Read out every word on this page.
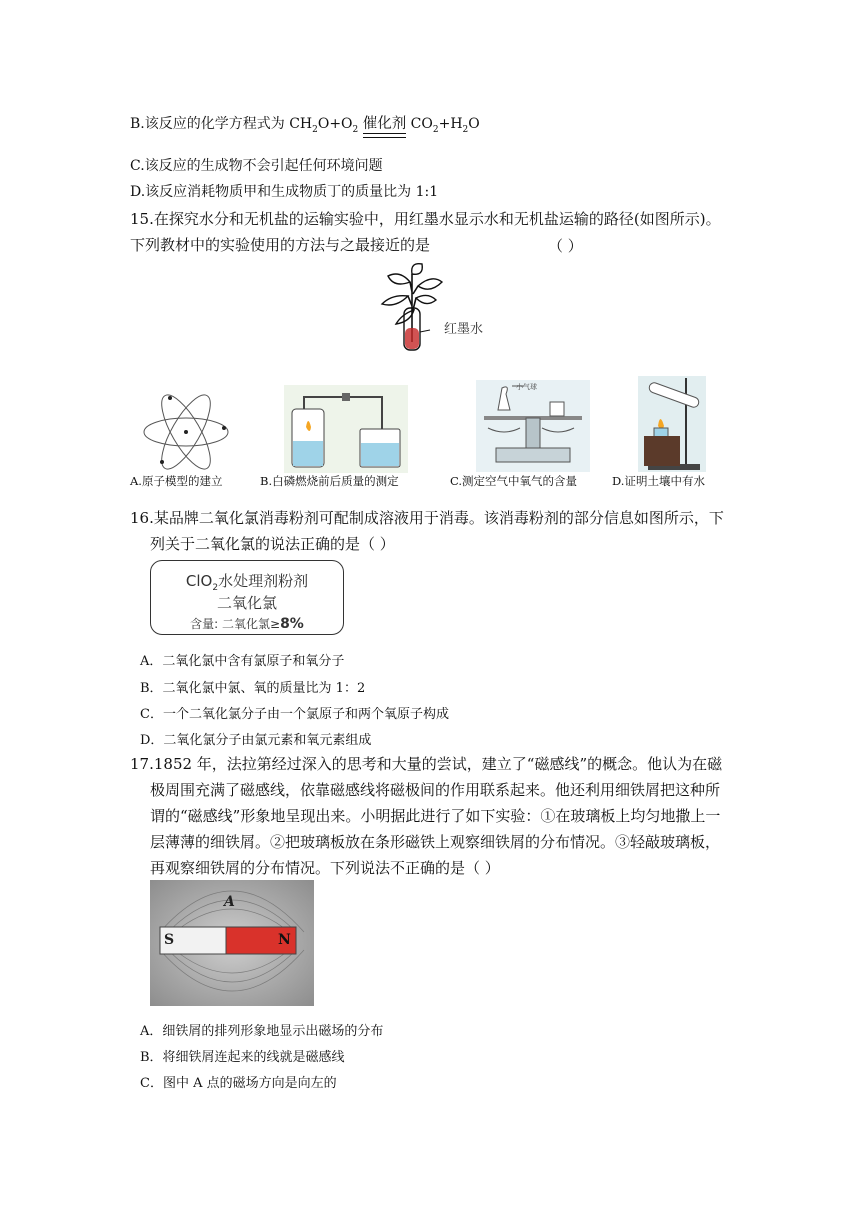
B.该反应的化学方程式为 $CH_2O+O_2$ 催化剂
$CO_2+H_2O$
C.该反应的生成物不会引起任何环境问题
D.该反应消耗物质甲和生成物质丁的质量比为 1:1
15.在探究水分和无机盐的运输实验中，用红墨水显示水和无机盐运输的路径(如图所示)。
下列教材中的实验使用的方法与之最接近的是	（ ）
红墨水
小气球
A.原子模型的建立	B.白磷燃烧前后质量的测定	C.测定空气中氧气的含量	D.证明土壤中有水
16.某品牌二氧化氯消毒粉剂可配制成溶液用于消毒。该消毒粉剂的部分信息如图所示，下
列关于二氧化氯的说法正确的是（ ）
ClO$_2$水处理剂粉剂
二氧化氯
含量: 二氧化氯≥8%
A．二氧化氯中含有氯原子和氧分子
B．二氧化氯中氯、氧的质量比为 1：2
C．一个二氧化氯分子由一个氯原子和两个氧原子构成
D．二氧化氯分子由氯元素和氧元素组成
17.1852 年，法拉第经过深入的思考和大量的尝试，建立了“磁感线”的概念。他认为在磁
极周围充满了磁感线，依靠磁感线将磁极间的作用联系起来。他还利用细铁屑把这种所
谓的“磁感线”形象地呈现出来。小明据此进行了如下实验：①在玻璃板上均匀地撒上一
层薄薄的细铁屑。②把玻璃板放在条形磁铁上观察细铁屑的分布情况。③轻敲玻璃板，
再观察细铁屑的分布情况。下列说法不正确的是（ ）
A
S	N
A．细铁屑的排列形象地显示出磁场的分布
B．将细铁屑连起来的线就是磁感线
C．图中 A 点的磁场方向是向左的
